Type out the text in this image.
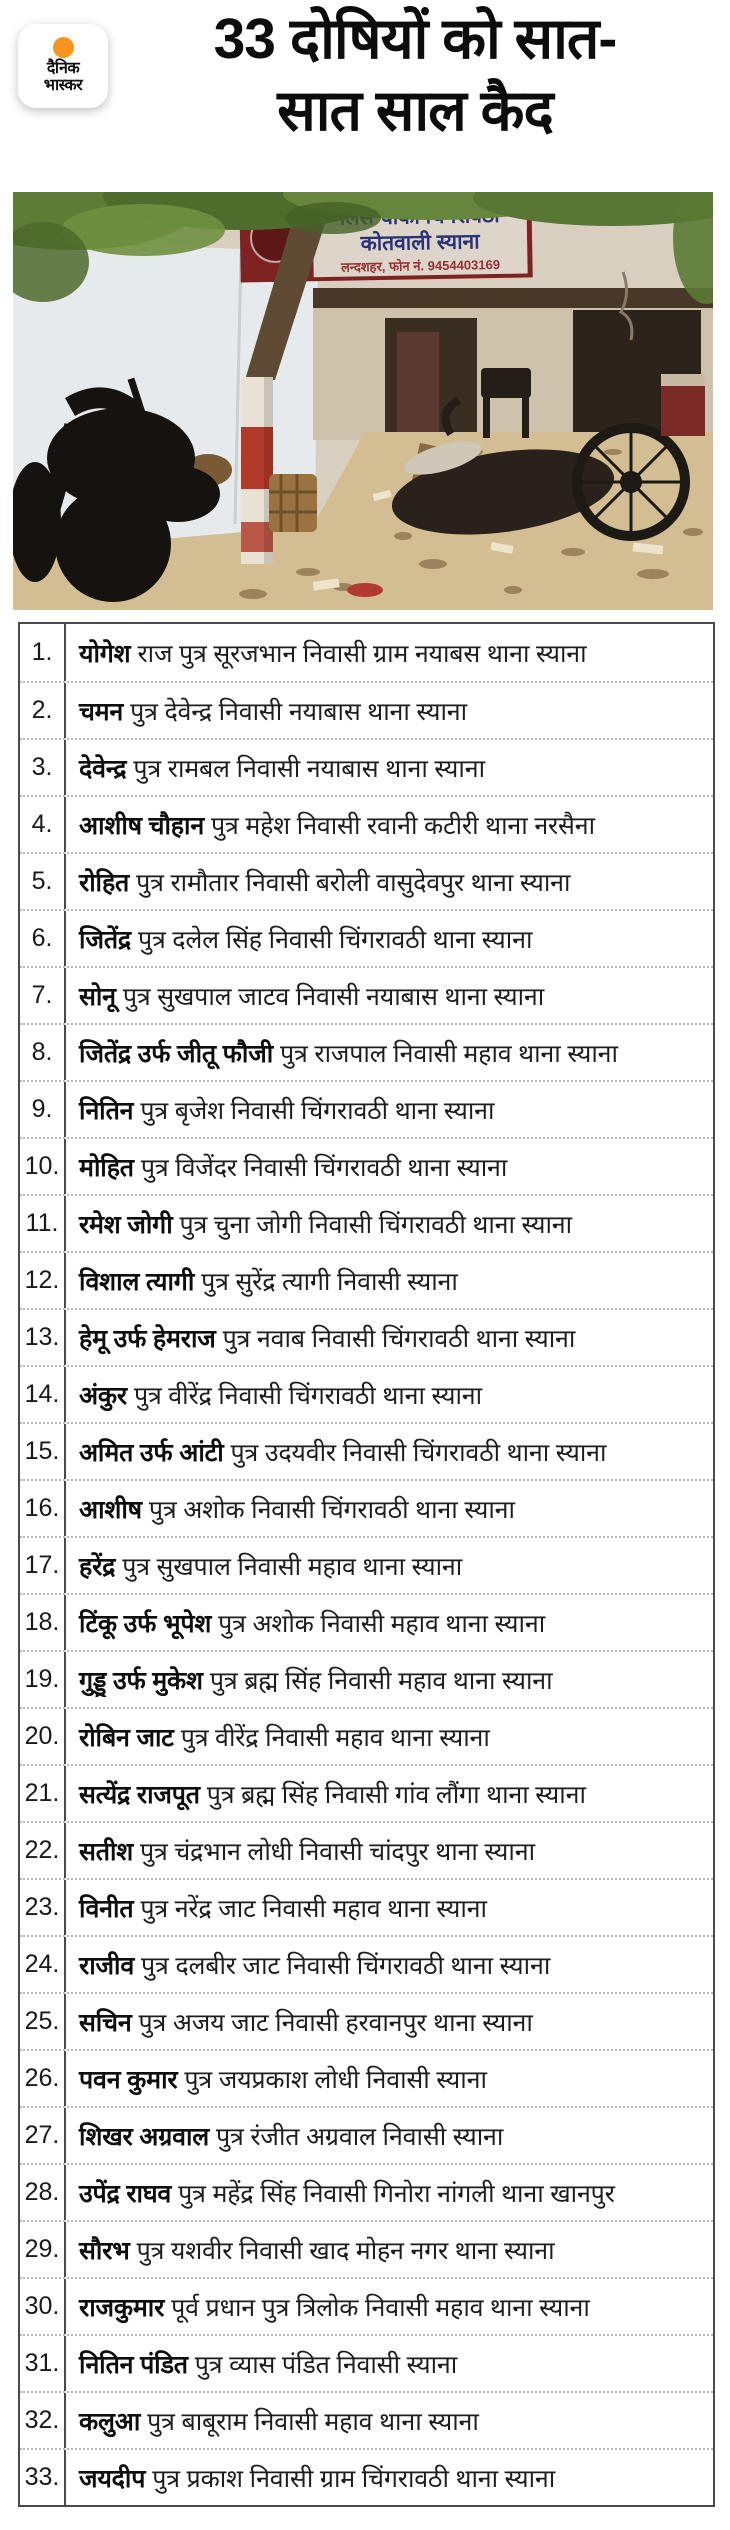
दैनिक
भास्कर
33 दोषियों को सात-
सात साल कैद
कोतवाली स्याना
लन्दशहर, फोन नं. 9454403169
1.	योगेश राज पुत्र सूरजभान निवासी ग्राम नयाबस थाना स्याना
2.	चमन पुत्र देवेन्द्र निवासी नयाबास थाना स्याना
3.	देवेन्द्र पुत्र रामबल निवासी नयाबास थाना स्याना
4.	आशीष चौहान पुत्र महेश निवासी रवानी कटीरी थाना नरसैना
5.	रोहित पुत्र रामौतार निवासी बरोली वासुदेवपुर थाना स्याना
6.	जितेंद्र पुत्र दलेल सिंह निवासी चिंगरावठी थाना स्याना
7.	सोनू पुत्र सुखपाल जाटव निवासी नयाबास थाना स्याना
8.	जितेंद्र उर्फ जीतू फौजी पुत्र राजपाल निवासी महाव थाना स्याना
9.	नितिन पुत्र बृजेश निवासी चिंगरावठी थाना स्याना
10. मोहित पुत्र विजेंदर निवासी चिंगरावठी थाना स्याना
11. रमेश जोगी पुत्र चुना जोगी निवासी चिंगरावठी थाना स्याना
12. विशाल त्यागी पुत्र सुरेंद्र त्यागी निवासी स्याना
13. हेमू उर्फ हेमराज पुत्र नवाब निवासी चिंगरावठी थाना स्याना
14. अंकुर पुत्र वीरेंद्र निवासी चिंगरावठी थाना स्याना
15. अमित उर्फ आंटी पुत्र उदयवीर निवासी चिंगरावठी थाना स्याना
16. आशीष पुत्र अशोक निवासी चिंगरावठी थाना स्याना
17. हरेंद्र पुत्र सुखपाल निवासी महाव थाना स्याना
18. टिंकू उर्फ भूपेश पुत्र अशोक निवासी महाव थाना स्याना
19. गुड्डू उर्फ मुकेश पुत्र ब्रह्म सिंह निवासी महाव थाना स्याना
20. रोबिन जाट पुत्र वीरेंद्र निवासी महाव थाना स्याना
21. सत्येंद्र राजपूत पुत्र ब्रह्म सिंह निवासी गांव लौंगा थाना स्याना
22. सतीश पुत्र चंद्रभान लोधी निवासी चांदपुर थाना स्याना
23. विनीत पुत्र नरेंद्र जाट निवासी महाव थाना स्याना
24. राजीव पुत्र दलबीर जाट निवासी चिंगरावठी थाना स्याना
25. सचिन पुत्र अजय जाट निवासी हरवानपुर थाना स्याना
26. पवन कुमार पुत्र जयप्रकाश लोधी निवासी स्याना
27. शिखर अग्रवाल पुत्र रंजीत अग्रवाल निवासी स्याना
28. उपेंद्र राघव पुत्र महेंद्र सिंह निवासी गिनोरा नांगली थाना खानपुर
29. सौरभ पुत्र यशवीर निवासी खाद मोहन नगर थाना स्याना
30. राजकुमार पूर्व प्रधान पुत्र त्रिलोक निवासी महाव थाना स्याना
31. नितिन पंडित पुत्र व्यास पंडित निवासी स्याना
32. कलुआ पुत्र बाबूराम निवासी महाव थाना स्याना
33. जयदीप पुत्र प्रकाश निवासी ग्राम चिंगरावठी थाना स्याना
